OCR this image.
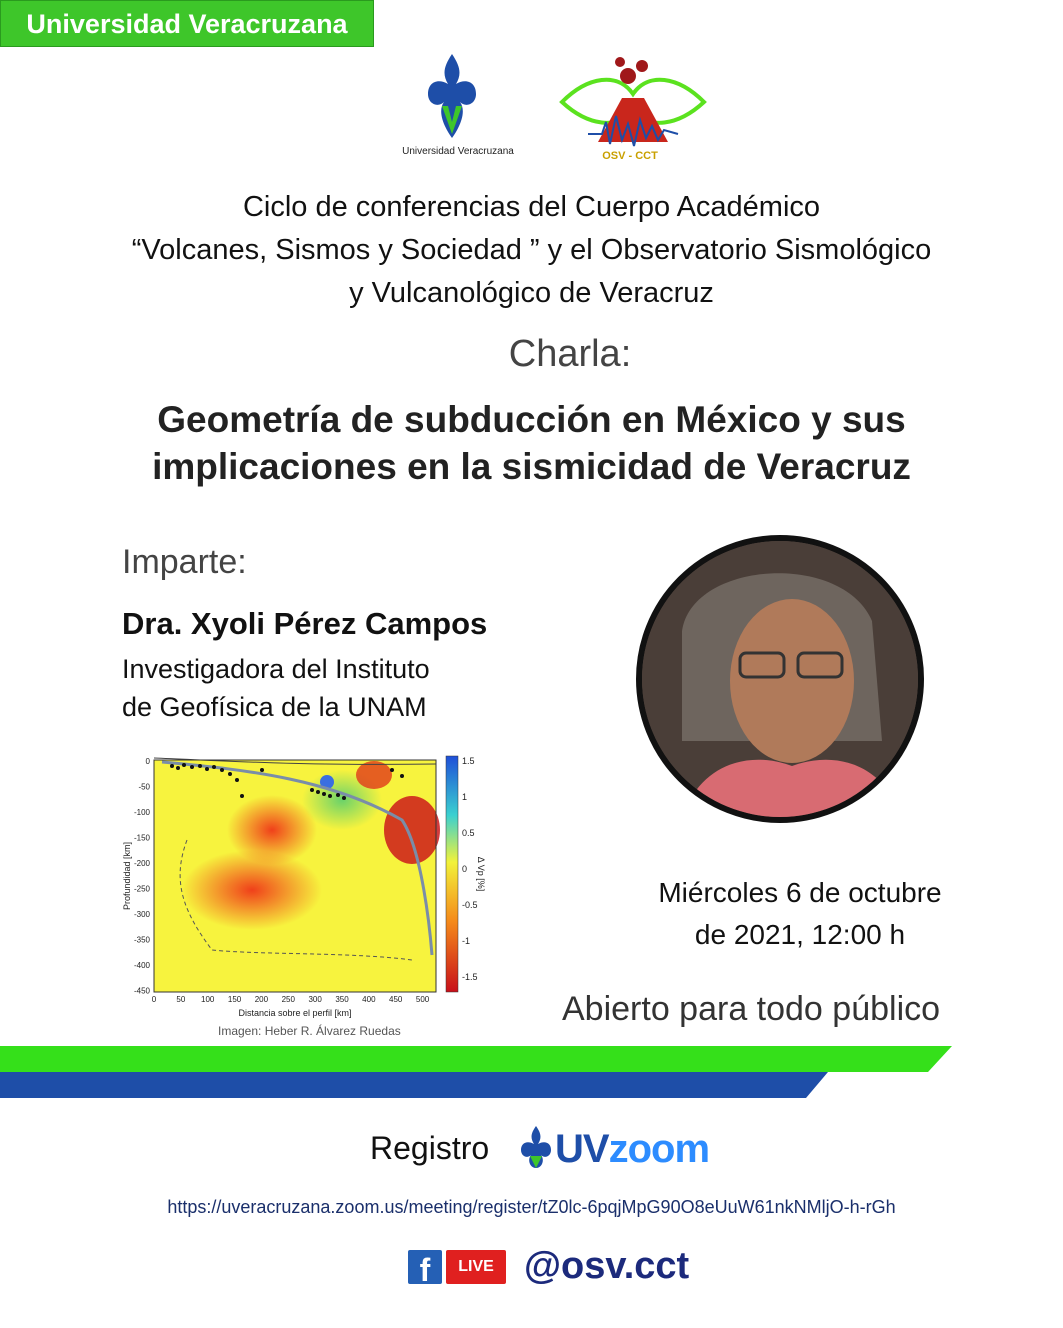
Universidad Veracruzana
Universidad Veracruzana	OSV - CCT
Ciclo de conferencias del Cuerpo Académico
“Volcanes, Sismos y Sociedad ” y el Observatorio Sismológico
y Vulcanológico de Veracruz
Charla:
Geometría de subducción en México y sus
implicaciones en la sismicidad de Veracruz
Imparte:
Dra. Xyoli Pérez Campos
Investigadora del Instituto
de Geofísica de la UNAM
1.5
1
0.5
0
-0.5
-1
-1.5
Δ Vp [%]
0	50 100 150 200 250 300 350 400 450 500
0
-50
-100
-150
-200
-250
-300
-350
-400
-450
Distancia sobre el perfil [km]
Profundidad [km]
Imagen: Heber R. Álvarez Ruedas
Miércoles 6 de octubre
de 2021, 12:00 h
Abierto para todo público
Registro UVzoom
https://uveracruzana.zoom.us/meeting/register/tZ0lc-6pqjMpG90O8eUuW61nkNMljO-h-rGh
f	LIVE @osv.cct
